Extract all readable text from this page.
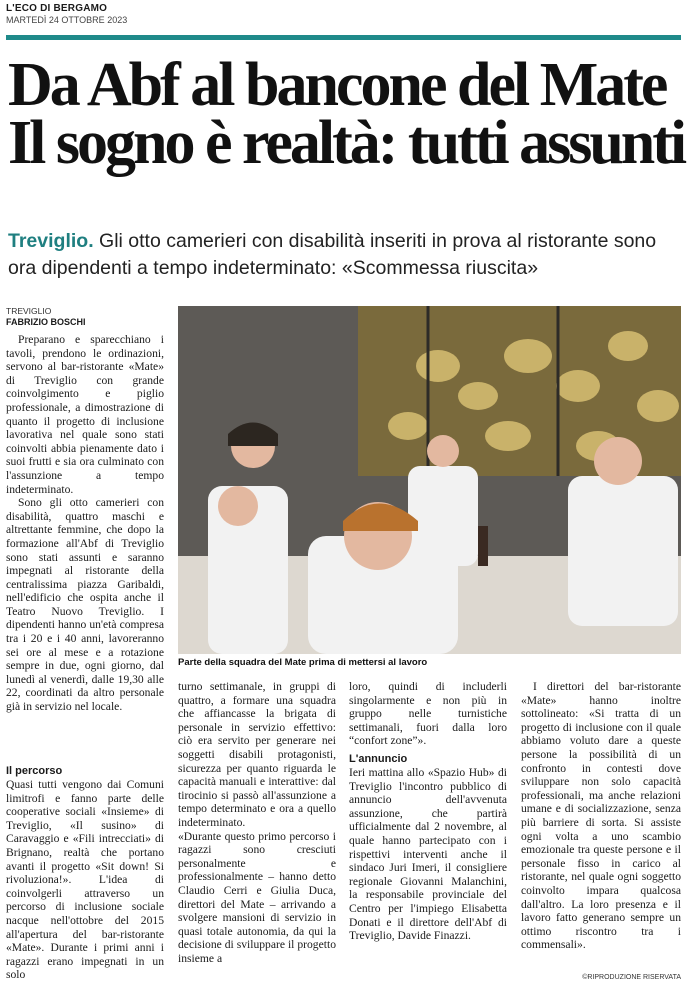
L'ECO DI BERGAMO
MARTEDÌ 24 OTTOBRE 2023
Da Abf al bancone del Mate
Il sogno è realtà: tutti assunti
Treviglio. Gli otto camerieri con disabilità inseriti in prova al ristorante sono ora dipendenti a tempo indeterminato: «Scommessa riuscita»
TREVIGLIO
FABRIZIO BOSCHI

Preparano e sparecchiano i tavoli, prendono le ordinazioni, servono al bar-ristorante «Mate» di Treviglio con grande coinvolgimento e piglio professionale, a dimostrazione di quanto il progetto di inclusione lavorativa nel quale sono stati coinvolti abbia pienamente dato i suoi frutti e sia ora culminato con l'assunzione a tempo indeterminato.

Sono gli otto camerieri con disabilità, quattro maschi e altrettante femmine, che dopo la formazione all'Abf di Treviglio sono stati assunti e saranno impegnati al ristorante della centralissima piazza Garibaldi, nell'edificio che ospita anche il Teatro Nuovo Treviglio. I dipendenti hanno un'età compresa tra i 20 e i 40 anni, lavoreranno sei ore al mese e a rotazione sempre in due, ogni giorno, dal lunedì al venerdì, dalle 19,30 alle 22, coordinati da altro personale già in servizio nel locale.

Il percorso

Quasi tutti vengono dai Comuni limitrofi e fanno parte delle cooperative sociali «Insieme» di Treviglio, «Il susino» di Caravaggio e «Fili intrecciati» di Brignano, realtà che portano avanti il progetto «Sit down! Si rivoluziona!». L'idea di coinvolgerli attraverso un percorso di inclusione sociale nacque nell'ottobre del 2015 all'apertura del bar-ristorante «Mate». Durante i primi anni i ragazzi erano impegnati in un solo

Parte della squadra del Mate prima di mettersi al lavoro

turno settimanale, in gruppi di quattro, a formare una squadra che affiancasse la brigata di personale in servizio effettivo: ciò era servito per generare nei soggetti disabili protagonisti, sicurezza per quanto riguarda le capacità manuali e interattive: dal tirocinio si passò all'assunzione a tempo determinato e ora a quello indeterminato.

«Durante questo primo percorso i ragazzi sono cresciuti personalmente e professionalmente – hanno detto Claudio Cerri e Giulia Duca, direttori del Mate – arrivando a svolgere mansioni di servizio in quasi totale autonomia, da qui la decisione di sviluppare il progetto insieme a

loro, quindi di includerli singolarmente e non più in gruppo nelle turnistiche settimanali, fuori dalla loro “confort zone”».

L'annuncio

Ieri mattina allo «Spazio Hub» di Treviglio l'incontro pubblico di annuncio dell'avvenuta assunzione, che partirà ufficialmente dal 2 novembre, al quale hanno partecipato con i rispettivi interventi anche il sindaco Juri Imeri, il consigliere regionale Giovanni Malanchini, la responsabile provinciale del Centro per l'impiego Elisabetta Donati e il direttore dell'Abf di Treviglio, Davide Finazzi.

I direttori del bar-ristorante «Mate» hanno inoltre sottolineato: «Si tratta di un progetto di inclusione con il quale abbiamo voluto dare a queste persone la possibilità di un confronto in contesti dove sviluppare non solo capacità professionali, ma anche relazioni umane e di socializzazione, senza più barriere di sorta. Si assiste ogni volta a uno scambio emozionale tra queste persone e il personale fisso in carico al ristorante, nel quale ogni soggetto coinvolto impara qualcosa dall'altro. La loro presenza e il lavoro fatto generano sempre un ottimo riscontro tra i commensali».

©RIPRODUZIONE RISERVATA
